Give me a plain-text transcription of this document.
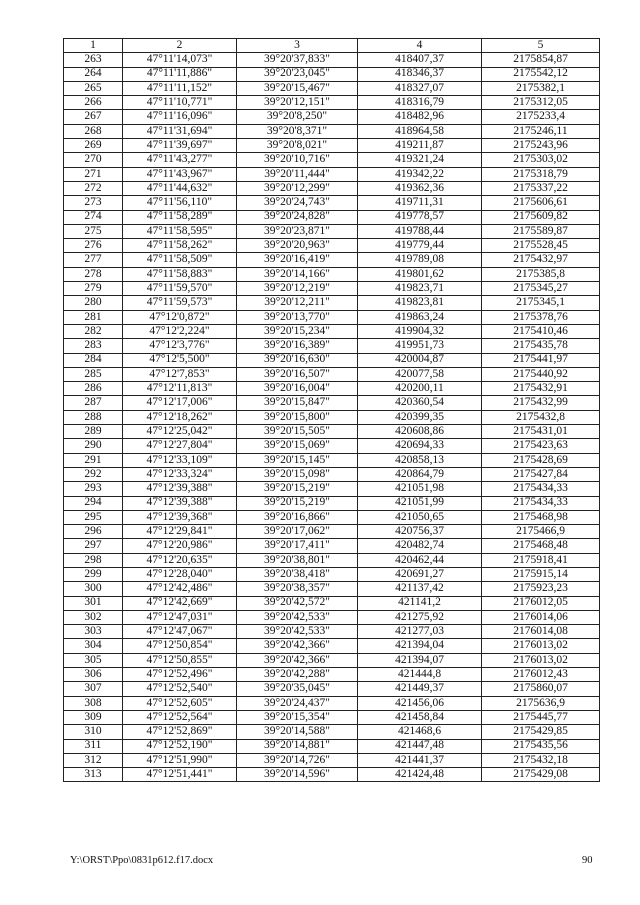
1	2	3	4	5
263	47°11'14,073"	39°20'37,833"	418407,37	2175854,87
264	47°11'11,886"	39°20'23,045"	418346,37	2175542,12
265	47°11'11,152"	39°20'15,467"	418327,07	2175382,1
266	47°11'10,771"	39°20'12,151"	418316,79	2175312,05
267	47°11'16,096"	39°20'8,250"	418482,96	2175233,4
268	47°11'31,694"	39°20'8,371"	418964,58	2175246,11
269	47°11'39,697"	39°20'8,021"	419211,87	2175243,96
270	47°11'43,277"	39°20'10,716"	419321,24	2175303,02
271	47°11'43,967"	39°20'11,444"	419342,22	2175318,79
272	47°11'44,632"	39°20'12,299"	419362,36	2175337,22
273	47°11'56,110"	39°20'24,743"	419711,31	2175606,61
274	47°11'58,289"	39°20'24,828"	419778,57	2175609,82
275	47°11'58,595"	39°20'23,871"	419788,44	2175589,87
276	47°11'58,262"	39°20'20,963"	419779,44	2175528,45
277	47°11'58,509"	39°20'16,419"	419789,08	2175432,97
278	47°11'58,883"	39°20'14,166"	419801,62	2175385,8
279	47°11'59,570"	39°20'12,219"	419823,71	2175345,27
280	47°11'59,573"	39°20'12,211"	419823,81	2175345,1
281	47°12'0,872"	39°20'13,770"	419863,24	2175378,76
282	47°12'2,224"	39°20'15,234"	419904,32	2175410,46
283	47°12'3,776"	39°20'16,389"	419951,73	2175435,78
284	47°12'5,500"	39°20'16,630"	420004,87	2175441,97
285	47°12'7,853"	39°20'16,507"	420077,58	2175440,92
286	47°12'11,813"	39°20'16,004"	420200,11	2175432,91
287	47°12'17,006"	39°20'15,847"	420360,54	2175432,99
288	47°12'18,262"	39°20'15,800"	420399,35	2175432,8
289	47°12'25,042"	39°20'15,505"	420608,86	2175431,01
290	47°12'27,804"	39°20'15,069"	420694,33	2175423,63
291	47°12'33,109"	39°20'15,145"	420858,13	2175428,69
292	47°12'33,324"	39°20'15,098"	420864,79	2175427,84
293	47°12'39,388"	39°20'15,219"	421051,98	2175434,33
294	47°12'39,388"	39°20'15,219"	421051,99	2175434,33
295	47°12'39,368"	39°20'16,866"	421050,65	2175468,98
296	47°12'29,841"	39°20'17,062"	420756,37	2175466,9
297	47°12'20,986"	39°20'17,411"	420482,74	2175468,48
298	47°12'20,635"	39°20'38,801"	420462,44	2175918,41
299	47°12'28,040"	39°20'38,418"	420691,27	2175915,14
300	47°12'42,486"	39°20'38,357"	421137,42	2175923,23
301	47°12'42,669"	39°20'42,572"	421141,2	2176012,05
302	47°12'47,031"	39°20'42,533"	421275,92	2176014,06
303	47°12'47,067"	39°20'42,533"	421277,03	2176014,08
304	47°12'50,854"	39°20'42,366"	421394,04	2176013,02
305	47°12'50,855"	39°20'42,366"	421394,07	2176013,02
306	47°12'52,496"	39°20'42,288"	421444,8	2176012,43
307	47°12'52,540"	39°20'35,045"	421449,37	2175860,07
308	47°12'52,605"	39°20'24,437"	421456,06	2175636,9
309	47°12'52,564"	39°20'15,354"	421458,84	2175445,77
310	47°12'52,869"	39°20'14,588"	421468,6	2175429,85
311	47°12'52,190"	39°20'14,881"	421447,48	2175435,56
312	47°12'51,990"	39°20'14,726"	421441,37	2175432,18
313	47°12'51,441"	39°20'14,596"	421424,48	2175429,08
Y:\ORST\Ppo\0831p612.f17.docx	90
